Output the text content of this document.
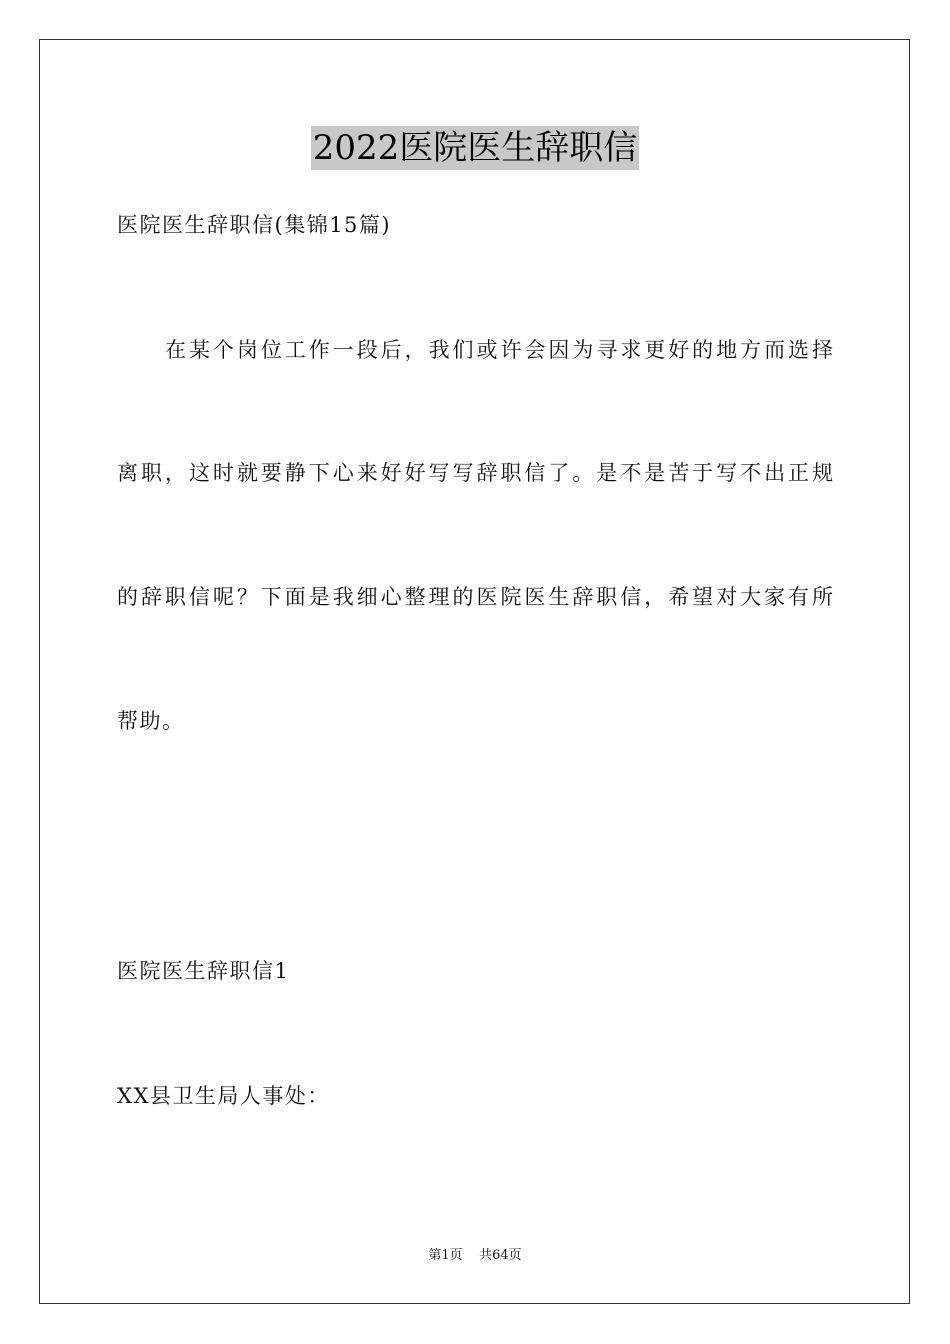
2022医院医生辞职信
医院医生辞职信(集锦15篇)
在某个岗位工作一段后，我们或许会因为寻求更好的地方而选择
离职，这时就要静下心来好好写写辞职信了。是不是苦于写不出正规
的辞职信呢？下面是我细心整理的医院医生辞职信，希望对大家有所
帮助。
医院医生辞职信1
XX县卫生局人事处：
第1页 共64页
